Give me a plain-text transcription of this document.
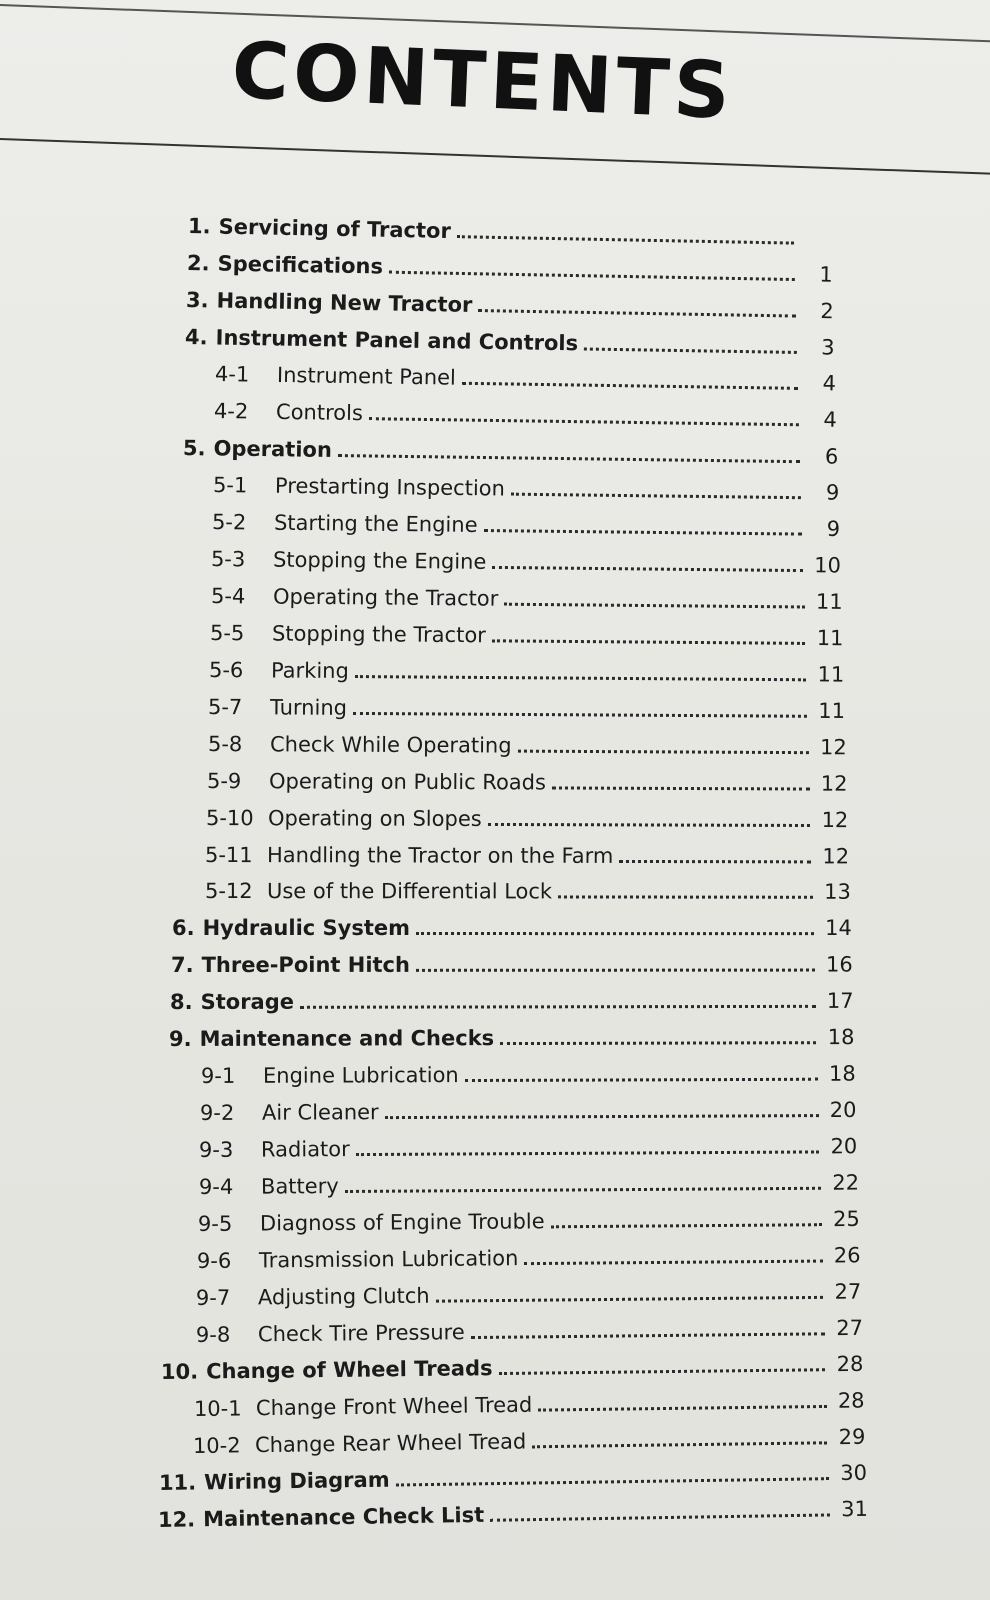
CONTENTS
1. Servicing of Tractor
2. Specifications	1
3. Handling New Tractor	2
4. Instrument Panel and Controls	3
4-1	Instrument Panel	4
4-2	Controls	4
5. Operation	6
5-1	Prestarting Inspection	9
5-2	Starting the Engine	9
5-3	Stopping the Engine	10
5-4	Operating the Tractor	11
5-5	Stopping the Tractor	11
5-6	Parking	11
5-7	Turning	11
5-8	Check While Operating	12
5-9	Operating on Public Roads	12
5-10 Operating on Slopes	12
5-11 Handling the Tractor on the Farm	12
5-12 Use of the Differential Lock	13
6. Hydraulic System	14
7. Three-Point Hitch	16
8. Storage	17
9. Maintenance and Checks	18
9-1	Engine Lubrication	18
9-2	Air Cleaner	20
9-3	Radiator	20
9-4	Battery	22
9-5	Diagnoss of Engine Trouble	25
9-6	Transmission Lubrication	26
9-7	Adjusting Clutch	27
9-8	Check Tire Pressure	27
10. Change of Wheel Treads	28
10-1 Change Front Wheel Tread	28
10-2 Change Rear Wheel Tread	29
11. Wiring Diagram	30
12. Maintenance Check List	31
